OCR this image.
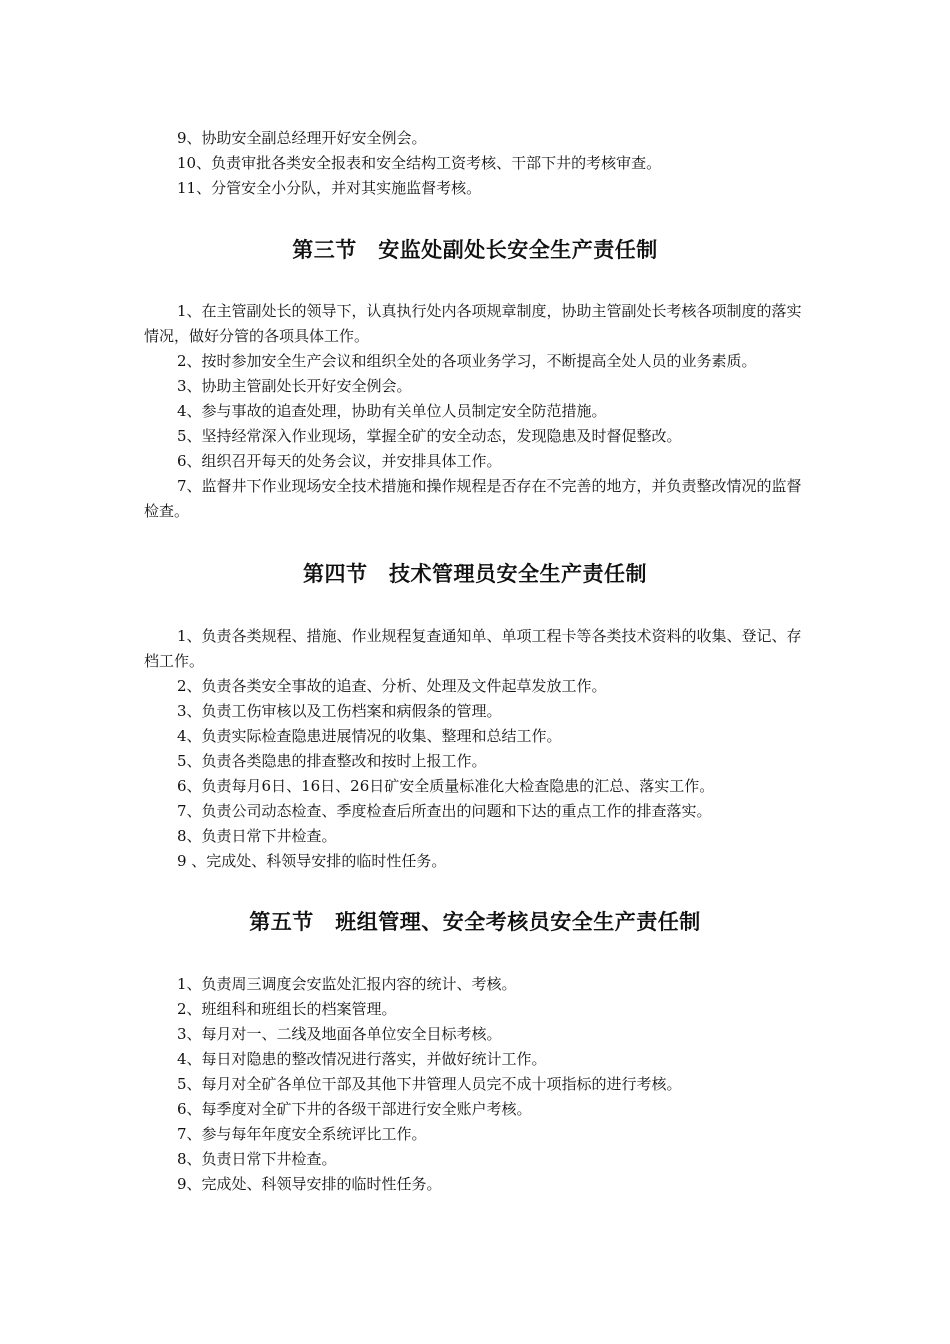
9、协助安全副总经理开好安全例会。

10、负责审批各类安全报表和安全结构工资考核、干部下井的考核审查。

11、分管安全小分队，并对其实施监督考核。

第三节　安监处副处长安全生产责任制

1、在主管副处长的领导下，认真执行处内各项规章制度，协助主管副处长考核各项制度的落实情况，做好分管的各项具体工作。

2、按时参加安全生产会议和组织全处的各项业务学习，不断提高全处人员的业务素质。

3、协助主管副处长开好安全例会。

4、参与事故的追查处理，协助有关单位人员制定安全防范措施。

5、坚持经常深入作业现场，掌握全矿的安全动态，发现隐患及时督促整改。

6、组织召开每天的处务会议，并安排具体工作。

7、监督井下作业现场安全技术措施和操作规程是否存在不完善的地方，并负责整改情况的监督检查。

第四节　技术管理员安全生产责任制

1、负责各类规程、措施、作业规程复查通知单、单项工程卡等各类技术资料的收集、登记、存档工作。

2、负责各类安全事故的追查、分析、处理及文件起草发放工作。

3、负责工伤审核以及工伤档案和病假条的管理。

4、负责实际检查隐患进展情况的收集、整理和总结工作。

5、负责各类隐患的排查整改和按时上报工作。

6、负责每月6日、16日、26日矿安全质量标准化大检查隐患的汇总、落实工作。

7、负责公司动态检查、季度检查后所查出的问题和下达的重点工作的排查落实。

8、负责日常下井检查。

9 、完成处、科领导安排的临时性任务。

第五节　班组管理、安全考核员安全生产责任制

1、负责周三调度会安监处汇报内容的统计、考核。

2、班组科和班组长的档案管理。

3、每月对一、二线及地面各单位安全目标考核。

4、每日对隐患的整改情况进行落实，并做好统计工作。

5、每月对全矿各单位干部及其他下井管理人员完不成十项指标的进行考核。

6、每季度对全矿下井的各级干部进行安全账户考核。

7、参与每年年度安全系统评比工作。

8、负责日常下井检查。

9、完成处、科领导安排的临时性任务。
